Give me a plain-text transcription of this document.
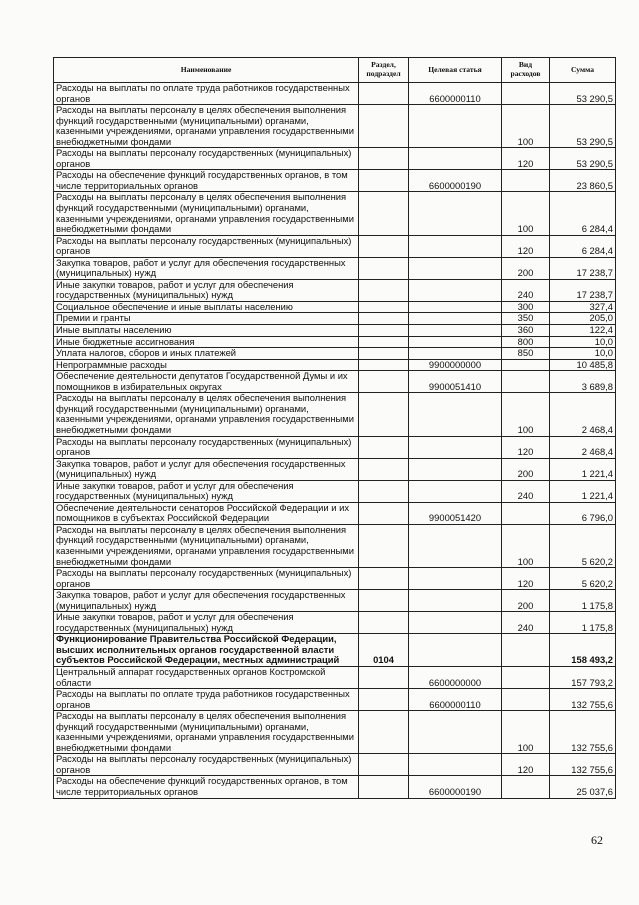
Наименование	Раздел, подраздел	Целевая статья	Вид расходов	Сумма
Расходы на выплаты по оплате труда работников государственных органов		6600000110		53 290,5
Расходы на выплаты персоналу в целях обеспечения выполнения функций государственными (муниципальными) органами, казенными учреждениями, органами управления государственными внебюджетными фондами			100	53 290,5
Расходы на выплаты персоналу государственных (муниципальных) органов			120	53 290,5
Расходы на обеспечение функций государственных органов, в том числе территориальных органов		6600000190		23 860,5
Расходы на выплаты персоналу в целях обеспечения выполнения функций государственными (муниципальными) органами, казенными учреждениями, органами управления государственными внебюджетными фондами			100	6 284,4
Расходы на выплаты персоналу государственных (муниципальных) органов			120	6 284,4
Закупка товаров, работ и услуг для обеспечения государственных (муниципальных) нужд			200	17 238,7
Иные закупки товаров, работ и услуг для обеспечения государственных (муниципальных) нужд			240	17 238,7
Социальное обеспечение и иные выплаты населению			300	327,4
Премии и гранты			350	205,0
Иные выплаты населению			360	122,4
Иные бюджетные ассигнования			800	10,0
Уплата налогов, сборов и иных платежей			850	10,0
Непрограммные расходы		9900000000		10 485,8
Обеспечение деятельности депутатов Государственной Думы и их помощников в избирательных округах		9900051410		3 689,8
Расходы на выплаты персоналу в целях обеспечения выполнения функций государственными (муниципальными) органами, казенными учреждениями, органами управления государственными внебюджетными фондами			100	2 468,4
Расходы на выплаты персоналу государственных (муниципальных) органов			120	2 468,4
Закупка товаров, работ и услуг для обеспечения государственных (муниципальных) нужд			200	1 221,4
Иные закупки товаров, работ и услуг для обеспечения государственных (муниципальных) нужд			240	1 221,4
Обеспечение деятельности сенаторов Российской Федерации и их помощников в субъектах Российской Федерации		9900051420		6 796,0
Расходы на выплаты персоналу в целях обеспечения выполнения функций государственными (муниципальными) органами, казенными учреждениями, органами управления государственными внебюджетными фондами			100	5 620,2
Расходы на выплаты персоналу государственных (муниципальных) органов			120	5 620,2
Закупка товаров, работ и услуг для обеспечения государственных (муниципальных) нужд			200	1 175,8
Иные закупки товаров, работ и услуг для обеспечения государственных (муниципальных) нужд			240	1 175,8
Функционирование Правительства Российской Федерации, высших исполнительных органов государственной власти субъектов Российской Федерации, местных администраций	0104			158 493,2
Центральный аппарат государственных органов Костромской области		6600000000		157 793,2
Расходы на выплаты по оплате труда работников государственных органов		6600000110		132 755,6
Расходы на выплаты персоналу в целях обеспечения выполнения функций государственными (муниципальными) органами, казенными учреждениями, органами управления государственными внебюджетными фондами			100	132 755,6
Расходы на выплаты персоналу государственных (муниципальных) органов			120	132 755,6
Расходы на обеспечение функций государственных органов, в том числе территориальных органов		6600000190		25 037,6
62
